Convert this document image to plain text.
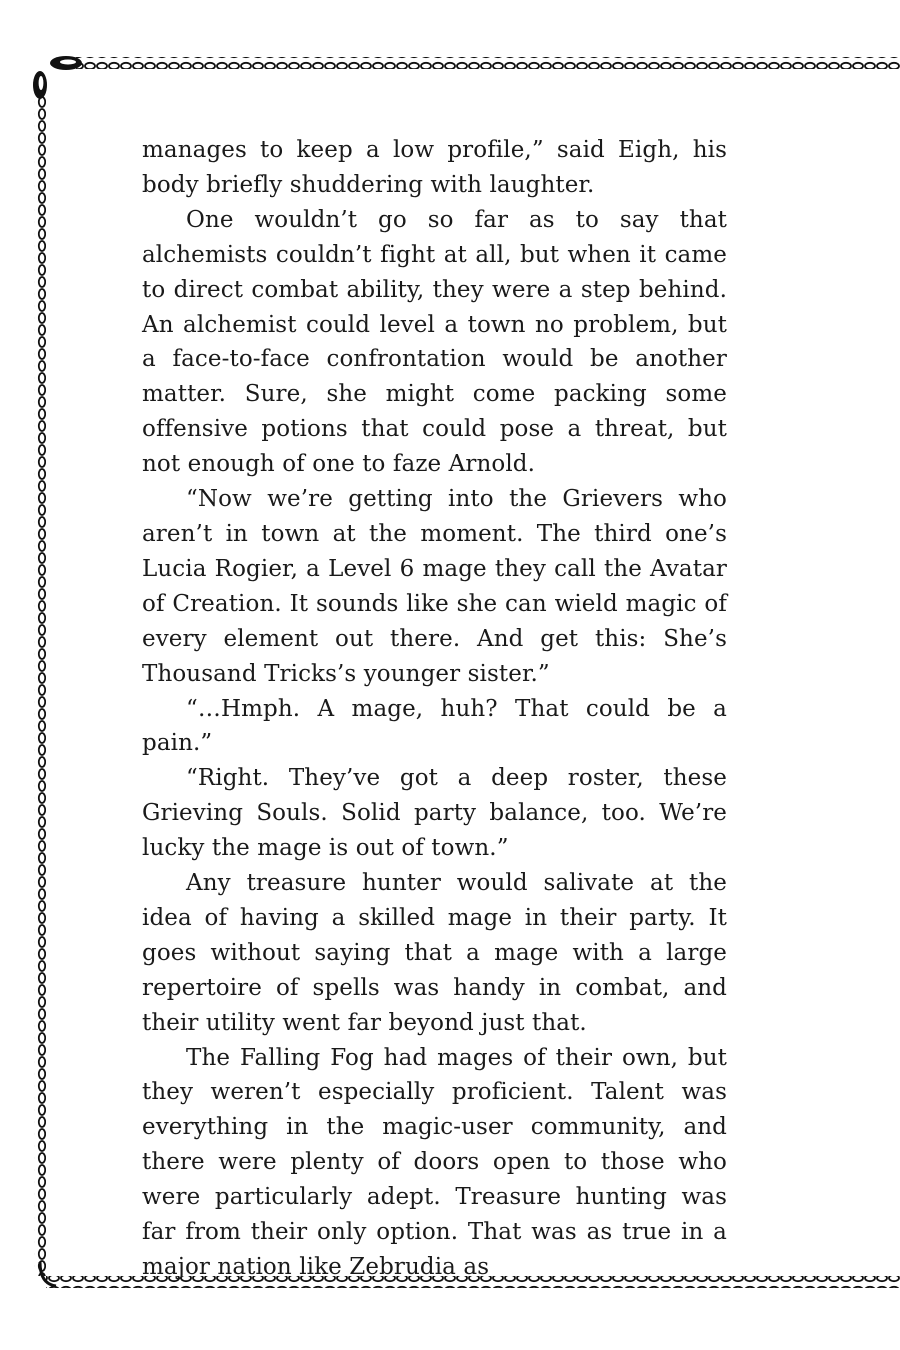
manages to keep a low profile,” said Eigh, his body briefly shuddering with laughter.

One wouldn’t go so far as to say that alchemists couldn’t fight at all, but when it came to direct combat ability, they were a step behind. An alchemist could level a town no problem, but a face-to-face confrontation would be another matter. Sure, she might come packing some offensive potions that could pose a threat, but not enough of one to faze Arnold.

“Now we’re getting into the Grievers who aren’t in town at the moment. The third one’s Lucia Rogier, a Level 6 mage they call the Avatar of Creation. It sounds like she can wield magic of every element out there. And get this: She’s Thousand Tricks’s younger sister.”

“…Hmph. A mage, huh? That could be a pain.”

“Right. They’ve got a deep roster, these Grieving Souls. Solid party balance, too. We’re lucky the mage is out of town.”

Any treasure hunter would salivate at the idea of having a skilled mage in their party. It goes without saying that a mage with a large repertoire of spells was handy in combat, and their utility went far beyond just that.

The Falling Fog had mages of their own, but they weren’t especially proficient. Talent was everything in the magic-user community, and there were plenty of doors open to those who were particularly adept. Treasure hunting was far from their only option. That was as true in a major nation like Zebrudia as
